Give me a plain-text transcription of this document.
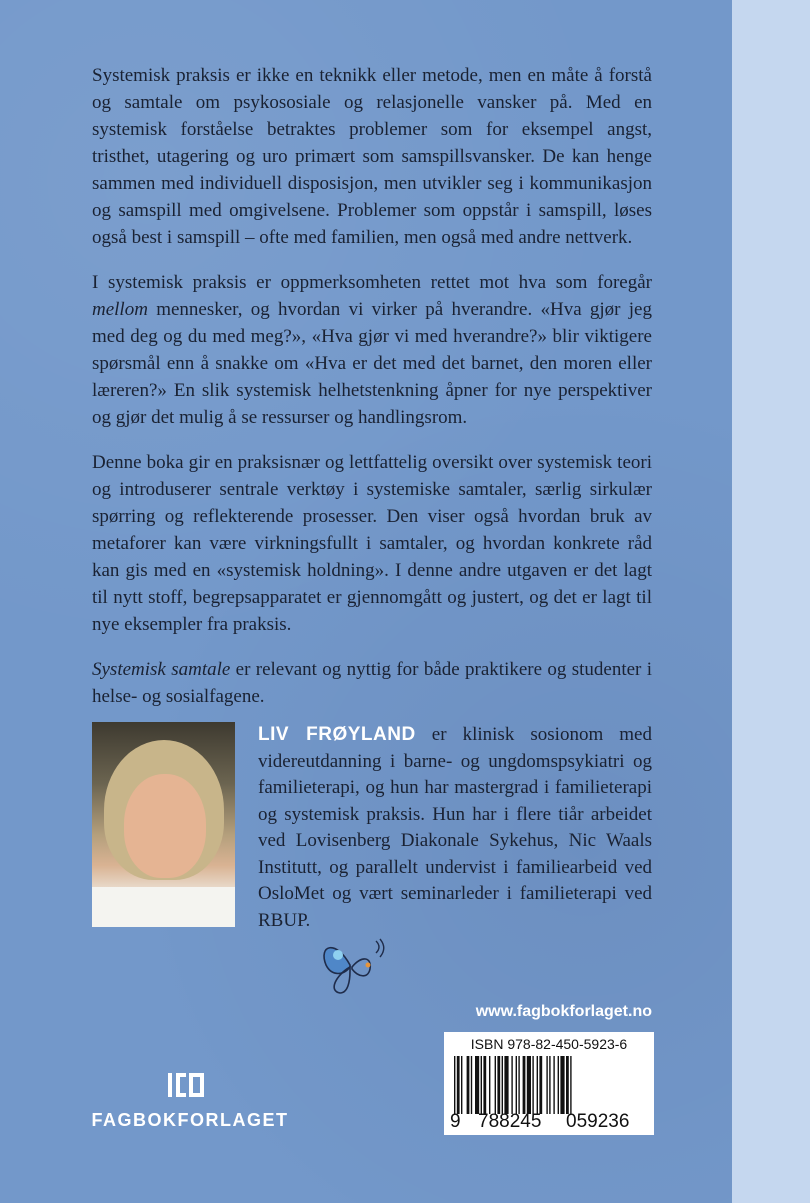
Systemisk praksis er ikke en teknikk eller metode, men en måte å forstå og samtale om psykososiale og relasjonelle vansker på. Med en systemisk forståelse betraktes problemer som for eksempel angst, tristhet, utagering og uro primært som samspillsvansker. De kan henge sammen med individuell disposisjon, men utvikler seg i kommunikasjon og samspill med omgivelsene. Problemer som oppstår i samspill, løses også best i samspill – ofte med familien, men også med andre nettverk.

I systemisk praksis er oppmerksomheten rettet mot hva som foregår mellom mennesker, og hvordan vi virker på hverandre. «Hva gjør jeg med deg og du med meg?», «Hva gjør vi med hverandre?» blir viktigere spørsmål enn å snakke om «Hva er det med det barnet, den moren eller læreren?» En slik systemisk helhetstenkning åpner for nye perspektiver og gjør det mulig å se ressurser og handlingsrom.

Denne boka gir en praksisnær og lettfattelig oversikt over systemisk teori og introduserer sentrale verktøy i systemiske samtaler, særlig sirkulær spørring og reflekterende prosesser. Den viser også hvordan bruk av metaforer kan være virkningsfullt i samtaler, og hvordan konkrete råd kan gis med en «systemisk holdning». I denne andre utgaven er det lagt til nytt stoff, begrepsapparatet er gjennomgått og justert, og det er lagt til nye eksempler fra praksis.

Systemisk samtale er relevant og nyttig for både praktikere og studenter i helse- og sosialfagene.

LIV FRØYLAND er klinisk sosionom med videreutdanning i barne- og ungdomspsykiatri og familieterapi, og hun har mastergrad i familieterapi og systemisk praksis. Hun har i flere tiår arbeidet ved Lovisenberg Diakonale Sykehus, Nic Waals Institutt, og parallelt undervist i familiearbeid ved OsloMet og vært seminarleder i familieterapi ved RBUP.
www.fagbokforlaget.no
ISBN 978-82-450-5923-6
9 788245 059236
FAGBOKFORLAGET
